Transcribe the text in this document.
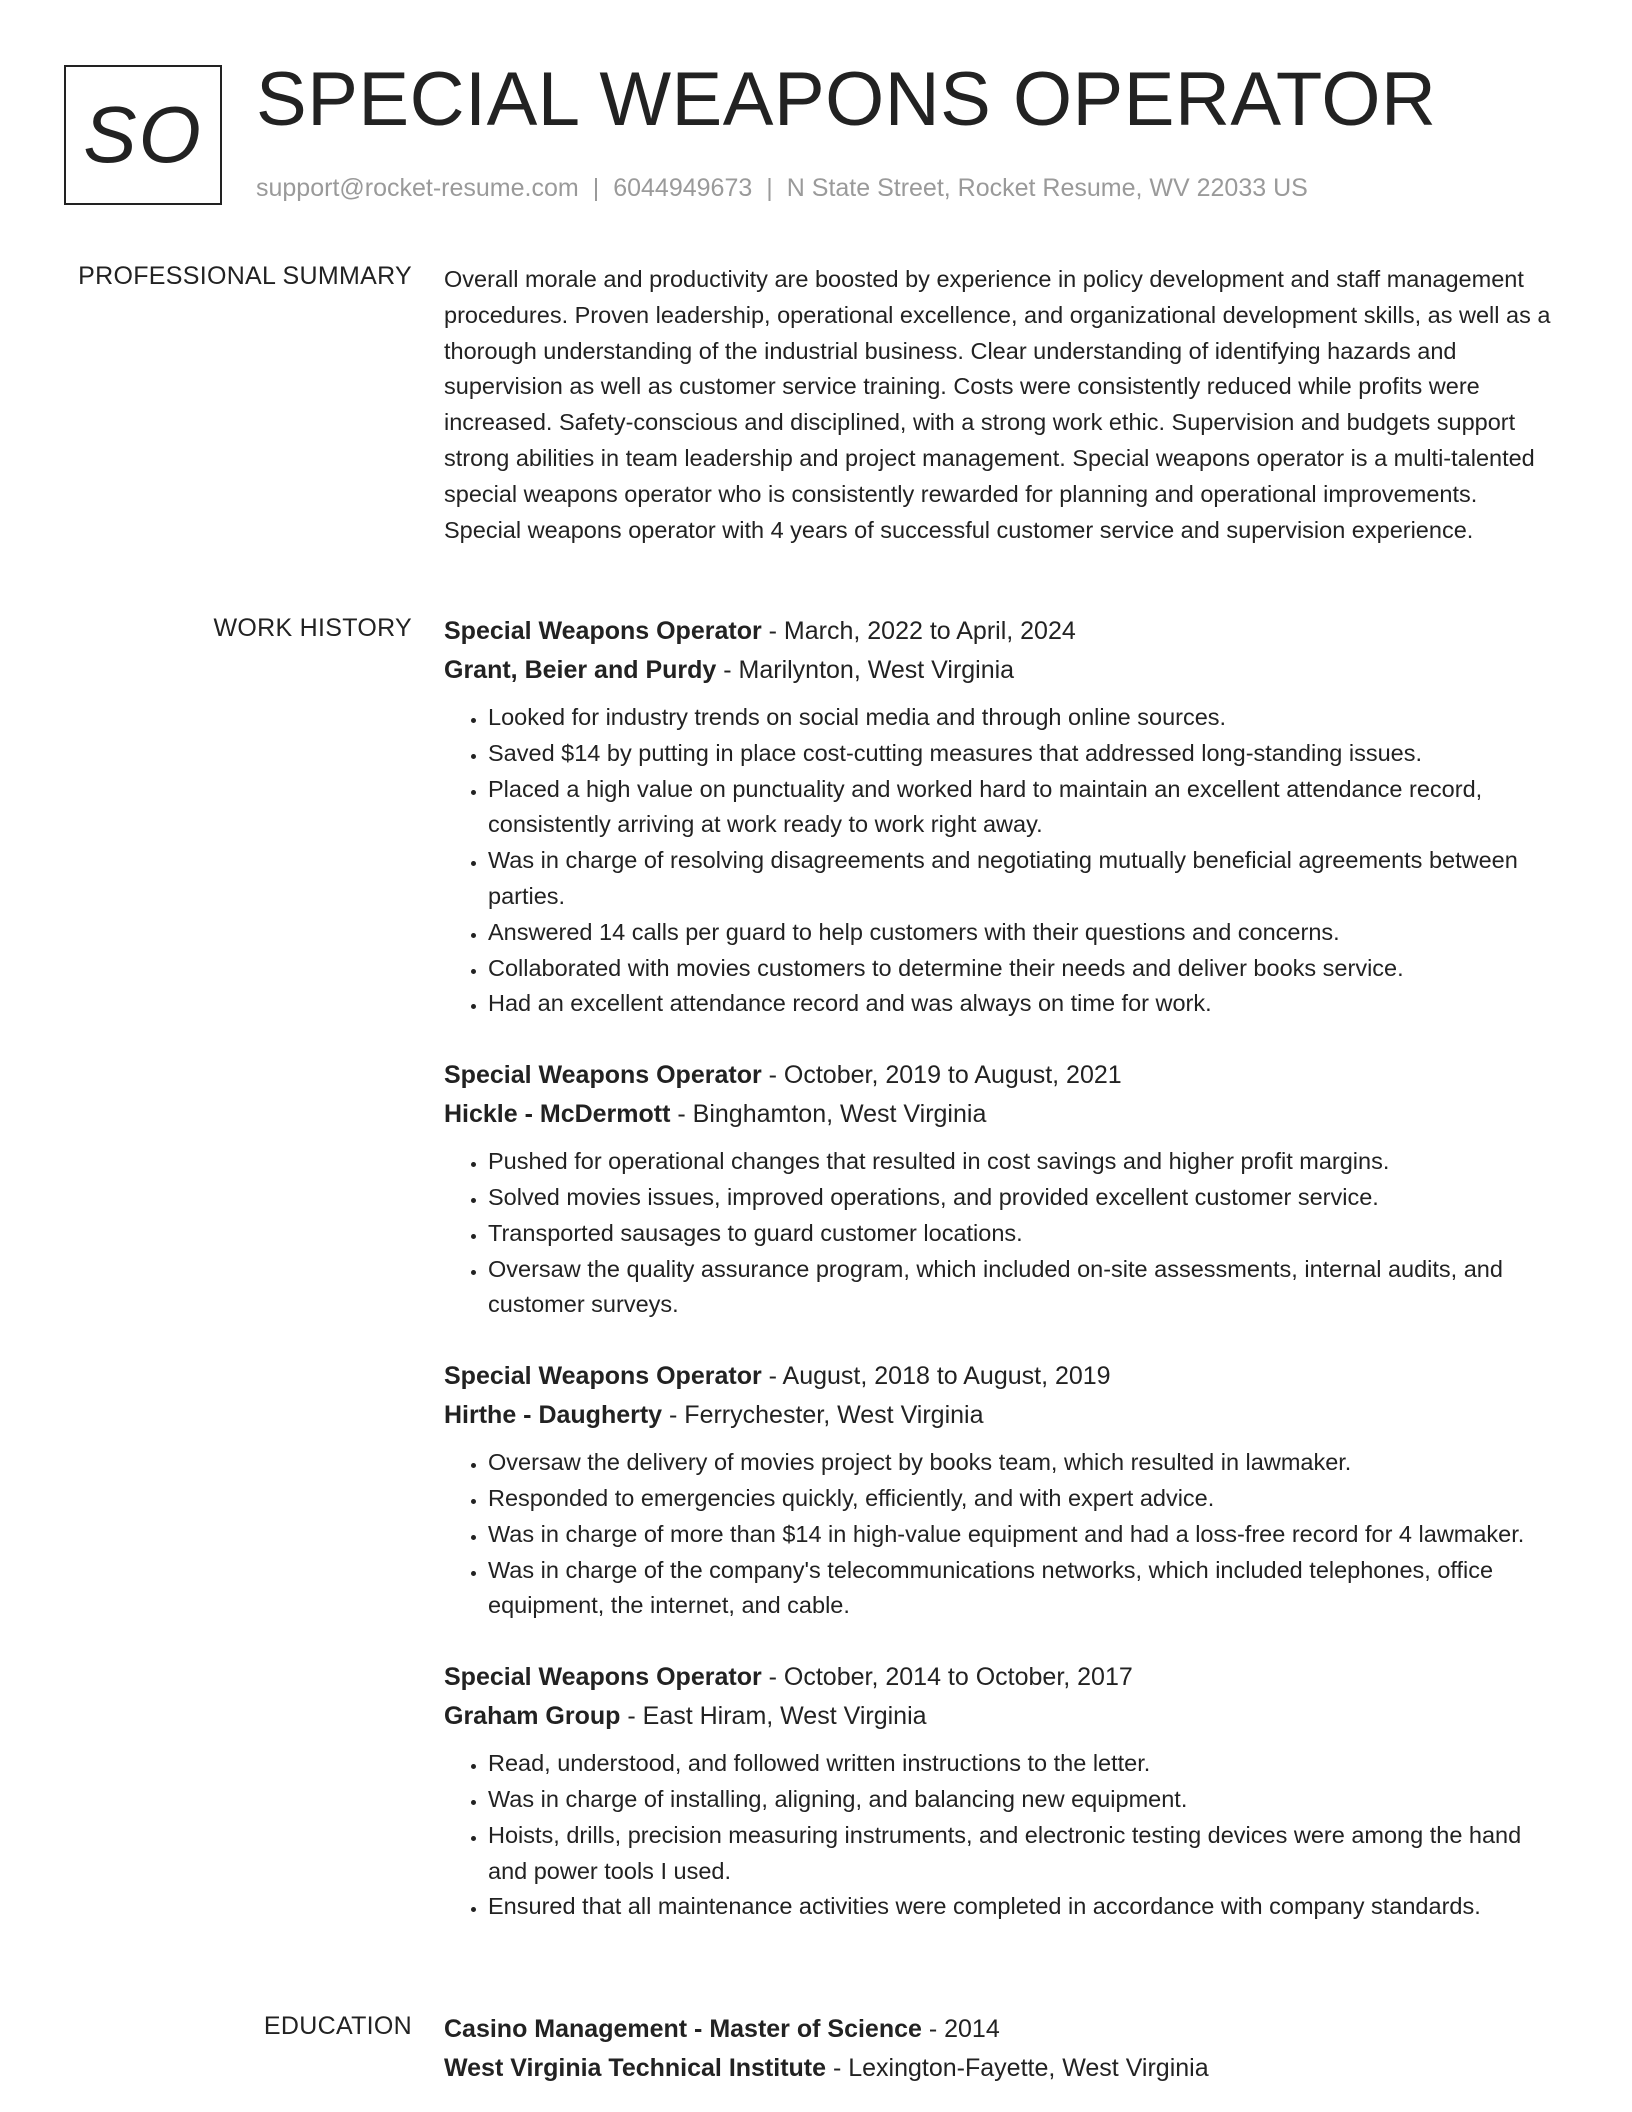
SO SPECIAL WEAPONS OPERATOR
support@rocket-resume.com | 6044949673 | N State Street, Rocket Resume, WV 22033 US
PROFESSIONAL SUMMARY Overall morale and productivity are boosted by experience in policy development and staff management procedures. Proven leadership, operational excellence, and organizational development skills, as well as a thorough understanding of the industrial business. Clear understanding of identifying hazards and supervision as well as customer service training. Costs were consistently reduced while profits were increased. Safety-conscious and disciplined, with a strong work ethic. Supervision and budgets support strong abilities in team leadership and project management. Special weapons operator is a multi-talented special weapons operator who is consistently rewarded for planning and operational improvements. Special weapons operator with 4 years of successful customer service and supervision experience.

WORK HISTORY Special Weapons Operator - March, 2022 to April, 2024
Grant, Beier and Purdy - Marilynton, West Virginia
• Looked for industry trends on social media and through online sources.
• Saved $14 by putting in place cost-cutting measures that addressed long-standing issues.
• Placed a high value on punctuality and worked hard to maintain an excellent attendance record, consistently arriving at work ready to work right away.
• Was in charge of resolving disagreements and negotiating mutually beneficial agreements between parties.
• Answered 14 calls per guard to help customers with their questions and concerns.
• Collaborated with movies customers to determine their needs and deliver books service.
• Had an excellent attendance record and was always on time for work.
Special Weapons Operator - October, 2019 to August, 2021
Hickle - McDermott - Binghamton, West Virginia
• Pushed for operational changes that resulted in cost savings and higher profit margins.
• Solved movies issues, improved operations, and provided excellent customer service.
• Transported sausages to guard customer locations.
• Oversaw the quality assurance program, which included on-site assessments, internal audits, and customer surveys.
Special Weapons Operator - August, 2018 to August, 2019
Hirthe - Daugherty - Ferrychester, West Virginia
• Oversaw the delivery of movies project by books team, which resulted in lawmaker.
• Responded to emergencies quickly, efficiently, and with expert advice.
• Was in charge of more than $14 in high-value equipment and had a loss-free record for 4 lawmaker.
• Was in charge of the company's telecommunications networks, which included telephones, office equipment, the internet, and cable.
Special Weapons Operator - October, 2014 to October, 2017
Graham Group - East Hiram, West Virginia
• Read, understood, and followed written instructions to the letter.
• Was in charge of installing, aligning, and balancing new equipment.
• Hoists, drills, precision measuring instruments, and electronic testing devices were among the hand and power tools I used.
• Ensured that all maintenance activities were completed in accordance with company standards.
EDUCATION Casino Management - Master of Science - 2014
West Virginia Technical Institute - Lexington-Fayette, West Virginia
